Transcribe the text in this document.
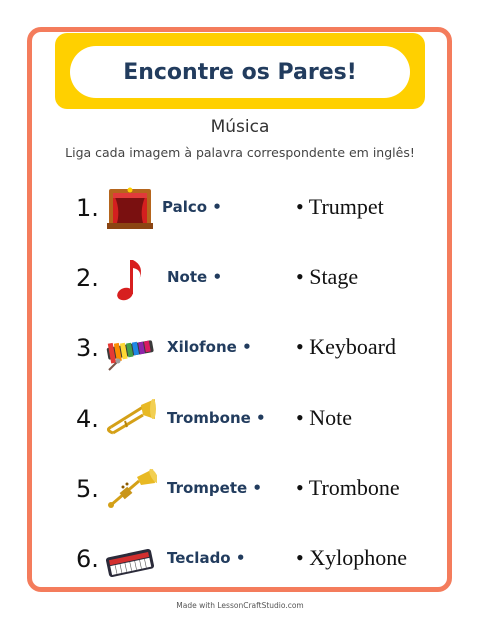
Encontre os Pares!
Música
Liga cada imagem à palavra correspondente em inglês!
1.	Palco •	• Trumpet
2.	Note •	• Stage
3.	Xilofone • • Keyboard
4.	Trombone • • Note
5.	Trompete • • Trombone
6.	Teclado • • Xylophone
Made with LessonCraftStudio.com
